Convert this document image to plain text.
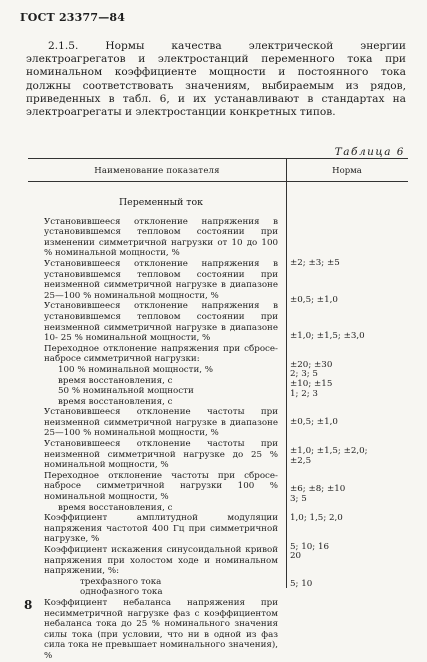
ГОСТ 23377—84
2.1.5. Нормы качества электрической энергии электроагрегатов и электростанций переменного тока при номинальном коэффициенте мощности и постоянного тока должны соответствовать значениям, выбираемым из рядов, приведенных в табл. 6, и их устанавливают в стандартах на электроагрегаты и электростанции конкретных типов.
Таблица 6
Наименование показателя	Норма
Переменный ток
Установившееся отклонение напряжения в установившемся тепловом состоянии при изменении симметричной нагрузки от 10 до 100 % номинальной мощности, %
Установившееся отклонение напряжения в установившемся тепловом состоянии при неизменной симметричной нагрузке в диапазоне 25—100 % номинальной мощности, %
Установившееся отклонение напряжения в установившемся тепловом состоянии при неизменной симметричной нагрузке в диапазоне 10- 25 % номинальной мощности, %
Переходное отклонение напряжения при сбросе-набросе симметричной нагрузки:
100 % номинальной мощности, %
время восстановления, с
50 % номинальной мощности
время восстановления, с
Установившееся отклонение частоты при неизменной симметричной нагрузке в диапазоне 25—100 % номинальной мощности, %
Установившееся отклонение частоты при неизменной симметричной нагрузке до 25 % номинальной мощности, %
Переходное отклонение частоты при сбросе-набросе симметричной нагрузки 100 % номинальной мощности, %
время восстановления, с
Коэффициент амплитудной модуляции напряжения частотой 400 Гц при симметричной нагрузке, %
Коэффициент искажения синусоидальной кривой напряжения при холостом ходе и номинальном напряжении, %:
трехфазного тока
однофазного тока
Коэффициент небаланса напряжения при несимметричной нагрузке фаз с коэффициентом небаланса тока до 25 % номинального значения силы тока (при условии, что ни в одной из фаз сила тока не превышает номинального значения), %
±2; ±3; ±5
±0,5; ±1,0
±1,0; ±1,5; ±3,0
±20; ±30
2; 3; 5
±10; ±15
1; 2; 3
±0,5; ±1,0
±1,0; ±1,5; ±2,0;
±2,5
±6; ±8; ±10
3; 5
1,0; 1,5; 2,0
5; 10; 16
20
5; 10
8
